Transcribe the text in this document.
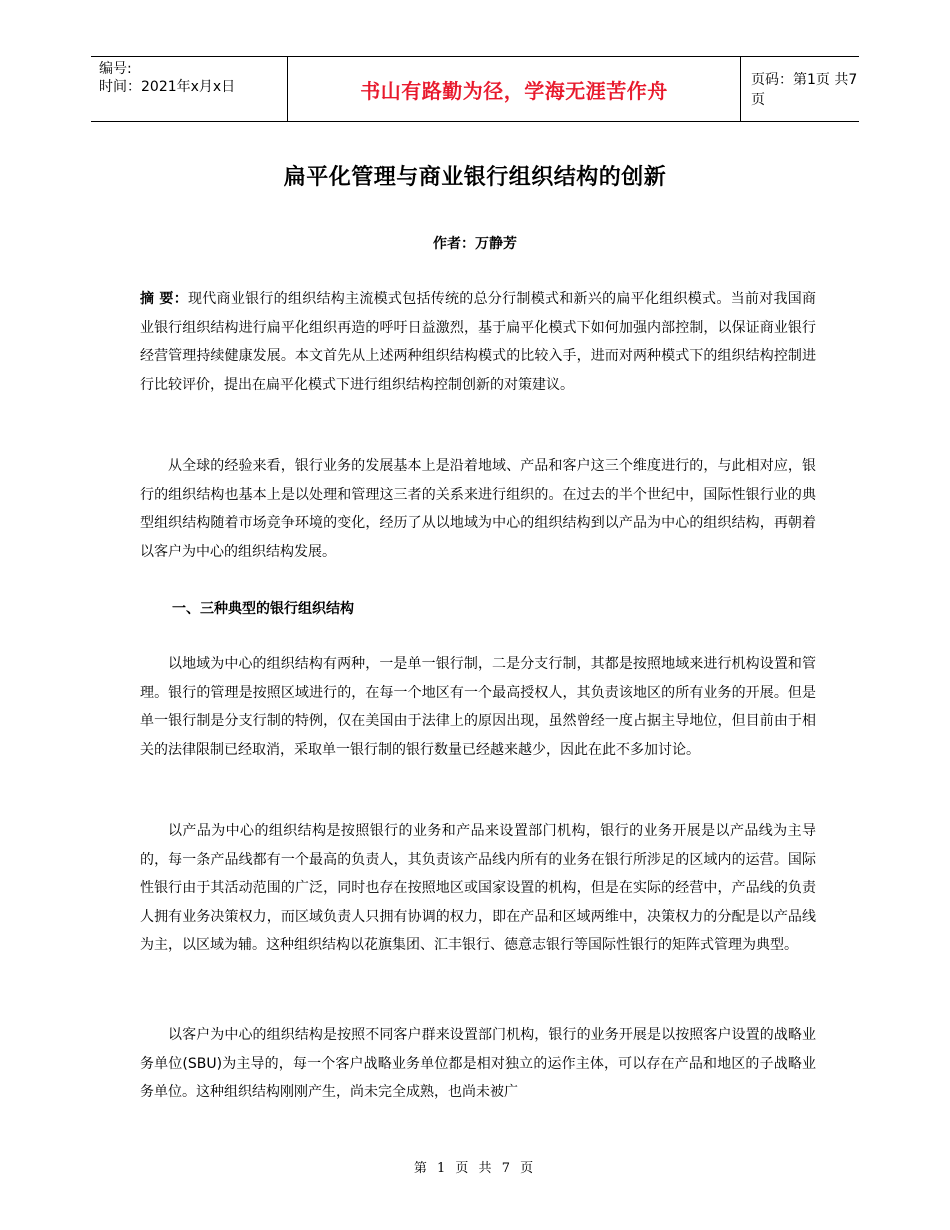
编号:
时间：2021年x月x日	书山有路勤为径，学海无涯苦作舟	页码：第1页 共7页
扁平化管理与商业银行组织结构的创新
作者：万静芳
摘 要：现代商业银行的组织结构主流模式包括传统的总分行制模式和新兴的扁平化组织模式。当前对我国商业银行组织结构进行扁平化组织再造的呼吁日益激烈，基于扁平化模式下如何加强内部控制，以保证商业银行经营管理持续健康发展。本文首先从上述两种组织结构模式的比较入手，进而对两种模式下的组织结构控制进行比较评价，提出在扁平化模式下进行组织结构控制创新的对策建议。
从全球的经验来看，银行业务的发展基本上是沿着地域、产品和客户这三个维度进行的，与此相对应，银行的组织结构也基本上是以处理和管理这三者的关系来进行组织的。在过去的半个世纪中，国际性银行业的典型组织结构随着市场竞争环境的变化，经历了从以地域为中心的组织结构到以产品为中心的组织结构，再朝着以客户为中心的组织结构发展。
一、三种典型的银行组织结构
以地域为中心的组织结构有两种，一是单一银行制，二是分支行制，其都是按照地域来进行机构设置和管理。银行的管理是按照区域进行的，在每一个地区有一个最高授权人，其负责该地区的所有业务的开展。但是单一银行制是分支行制的特例，仅在美国由于法律上的原因出现，虽然曾经一度占据主导地位，但目前由于相关的法律限制已经取消，采取单一银行制的银行数量已经越来越少，因此在此不多加讨论。
以产品为中心的组织结构是按照银行的业务和产品来设置部门机构，银行的业务开展是以产品线为主导的，每一条产品线都有一个最高的负责人，其负责该产品线内所有的业务在银行所涉足的区域内的运营。国际性银行由于其活动范围的广泛，同时也存在按照地区或国家设置的机构，但是在实际的经营中，产品线的负责人拥有业务决策权力，而区域负责人只拥有协调的权力，即在产品和区域两维中，决策权力的分配是以产品线为主，以区域为辅。这种组织结构以花旗集团、汇丰银行、德意志银行等国际性银行的矩阵式管理为典型。
以客户为中心的组织结构是按照不同客户群来设置部门机构，银行的业务开展是以按照客户设置的战略业务单位(SBU)为主导的，每一个客户战略业务单位都是相对独立的运作主体，可以存在产品和地区的子战略业务单位。这种组织结构刚刚产生，尚未完全成熟，也尚未被广
第 1 页 共 7 页
